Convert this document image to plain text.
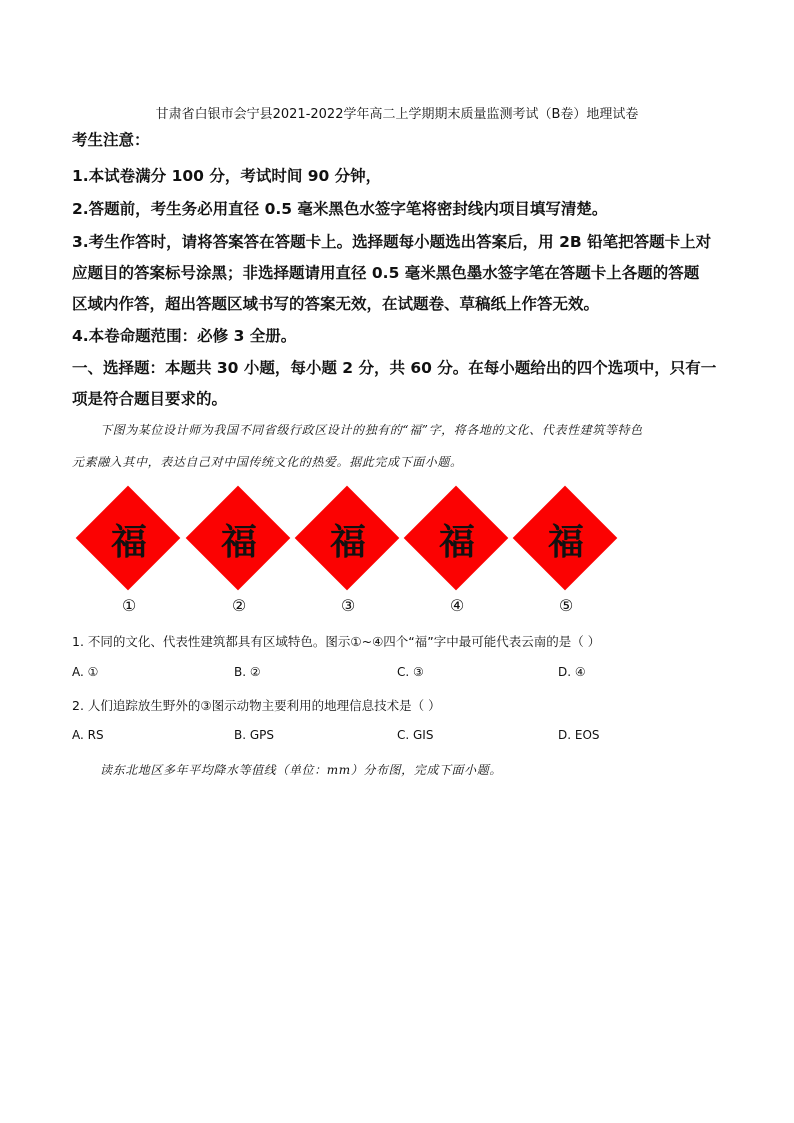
甘肃省白银市会宁县2021-2022学年高二上学期期末质量监测考试（B卷）地理试卷
考生注意：
1.本试卷满分 100 分，考试时间 90 分钟，
2.答题前，考生务必用直径 0.5 毫米黑色水签字笔将密封线内项目填写清楚。
3.考生作答时，请将答案答在答题卡上。选择题每小题选出答案后，用 2B 铅笔把答题卡上对
应题目的答案标号涂黑；非选择题请用直径 0.5 毫米黑色墨水签字笔在答题卡上各题的答题
区域内作答，超出答题区域书写的答案无效，在试题卷、草稿纸上作答无效。
4.本卷命题范围：必修 3 全册。
一、选择题：本题共 30 小题，每小题 2 分，共 60 分。在每小题给出的四个选项中，只有一
项是符合题目要求的。
下图为某位设计师为我国不同省级行政区设计的独有的“福”字，将各地的文化、代表性建筑等特色
元素融入其中，表达自己对中国传统文化的热爱。据此完成下面小题。
福	福	福	福	福
①	②	③	④	⑤
1. 不同的文化、代表性建筑都具有区域特色。图示①~④四个“福”字中最可能代表云南的是（ ）
A. ①	B. ②	C. ③	D. ④
2. 人们追踪放生野外的③图示动物主要利用的地理信息技术是（ ）
A. RS	B. GPS	C. GIS	D. EOS
读东北地区多年平均降水等值线（单位：mm）分布图，完成下面小题。
